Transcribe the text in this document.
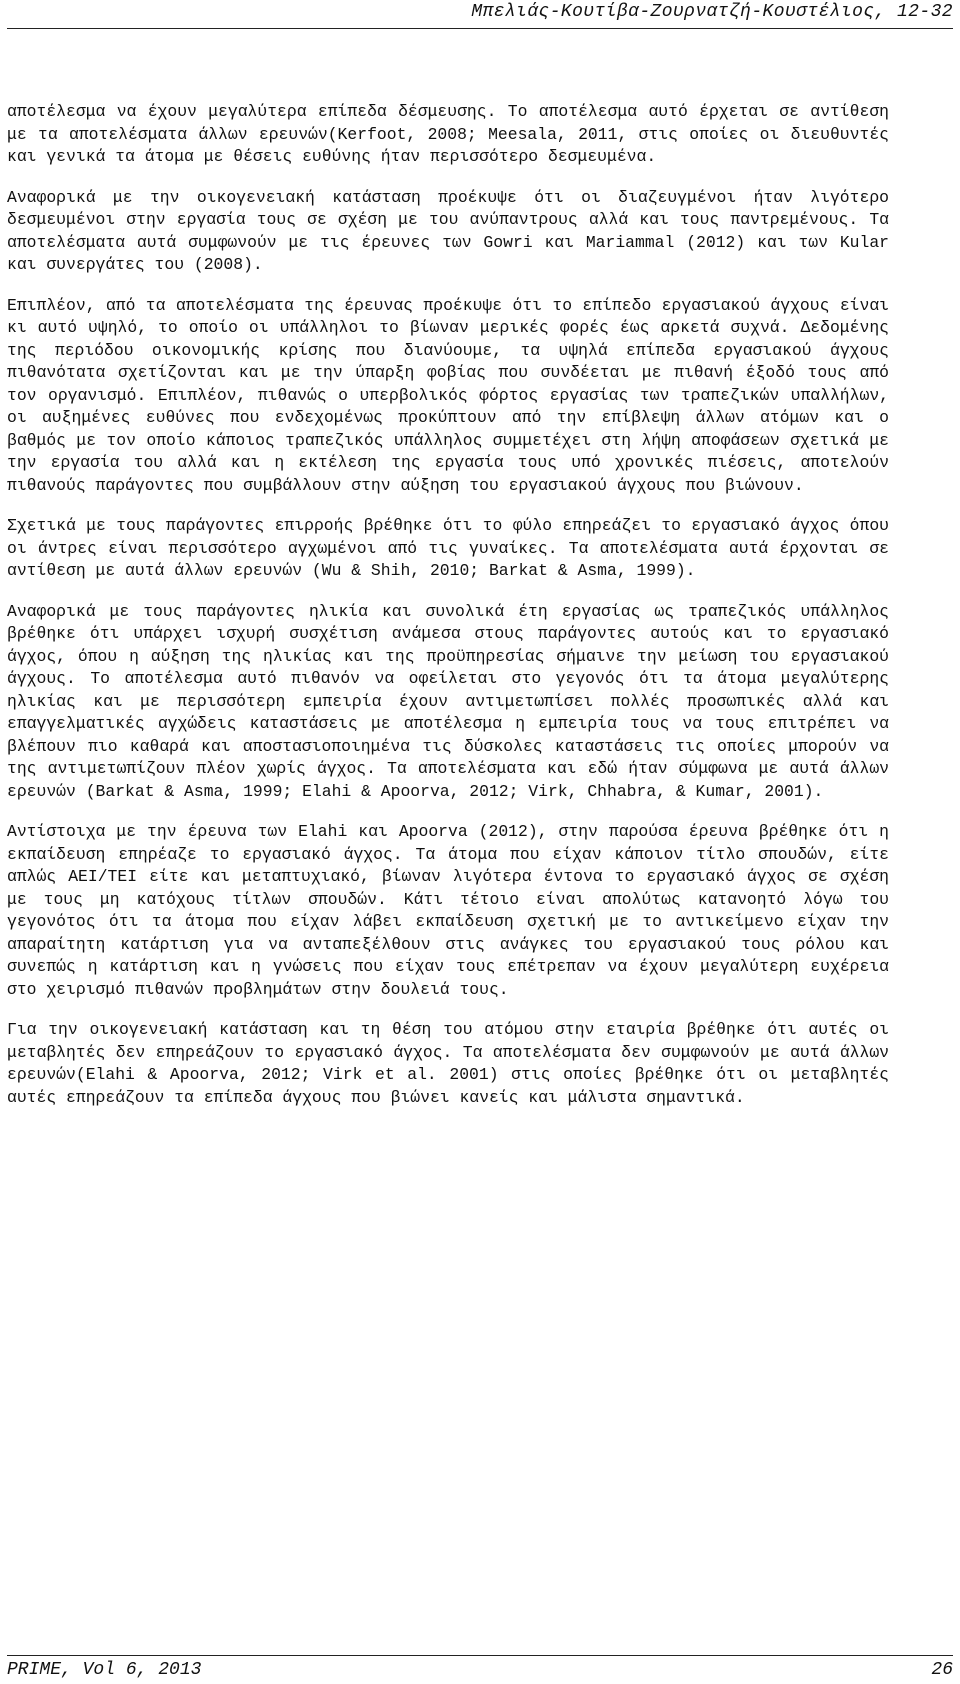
Μπελιάς-Κουτίβα-Ζουρνατζή-Κουστέλιος, 12-32

αποτέλεσμα να έχουν μεγαλύτερα επίπεδα δέσμευσης. Το αποτέλεσμα αυτό έρχεται σε αντίθεση με τα αποτελέσματα άλλων ερευνών(Kerfoot, 2008; Meesala, 2011, στις οποίες οι διευθυντές και γενικά τα άτομα με θέσεις ευθύνης ήταν περισσότερο δεσμευμένα.

Αναφορικά με την οικογενειακή κατάσταση προέκυψε ότι οι διαζευγμένοι ήταν λιγότερο δεσμευμένοι στην εργασία τους σε σχέση με του ανύπαντρους αλλά και τους παντρεμένους. Τα αποτελέσματα αυτά συμφωνούν με τις έρευνες των Gowri και Mariammal (2012) και των Kular και συνεργάτες του (2008).

Επιπλέον, από τα αποτελέσματα της έρευνας προέκυψε ότι το επίπεδο εργασιακού άγχους είναι κι αυτό υψηλό, το οποίο οι υπάλληλοι το βίωναν μερικές φορές έως αρκετά συχνά. Δεδομένης της περιόδου οικονομικής κρίσης που διανύουμε, τα υψηλά επίπεδα εργασιακού άγχους πιθανότατα σχετίζονται και με την ύπαρξη φοβίας που συνδέεται με πιθανή έξοδό τους από τον οργανισμό. Επιπλέον, πιθανώς ο υπερβολικός φόρτος εργασίας των τραπεζικών υπαλλήλων, οι αυξημένες ευθύνες που ενδεχομένως προκύπτουν από την επίβλεψη άλλων ατόμων και ο βαθμός με τον οποίο κάποιος τραπεζικός υπάλληλος συμμετέχει στη λήψη αποφάσεων σχετικά με την εργασία του αλλά και η εκτέλεση της εργασία τους υπό χρονικές πιέσεις, αποτελούν πιθανούς παράγοντες που συμβάλλουν στην αύξηση του εργασιακού άγχους που βιώνουν.

Σχετικά με τους παράγοντες επιρροής βρέθηκε ότι το φύλο επηρεάζει το εργασιακό άγχος όπου οι άντρες είναι περισσότερο αγχωμένοι από τις γυναίκες. Τα αποτελέσματα αυτά έρχονται σε αντίθεση με αυτά άλλων ερευνών (Wu & Shih, 2010; Barkat & Asma, 1999).

Αναφορικά με τους παράγοντες ηλικία και συνολικά έτη εργασίας ως τραπεζικός υπάλληλος βρέθηκε ότι υπάρχει ισχυρή συσχέτιση ανάμεσα στους παράγοντες αυτούς και το εργασιακό άγχος, όπου η αύξηση της ηλικίας και της προϋπηρεσίας σήμαινε την μείωση του εργασιακού άγχους. Το αποτέλεσμα αυτό πιθανόν να οφείλεται στο γεγονός ότι τα άτομα μεγαλύτερης ηλικίας και με περισσότερη εμπειρία έχουν αντιμετωπίσει πολλές προσωπικές αλλά και επαγγελματικές αγχώδεις καταστάσεις με αποτέλεσμα η εμπειρία τους να τους επιτρέπει να βλέπουν πιο καθαρά και αποστασιοποιημένα τις δύσκολες καταστάσεις τις οποίες μπορούν να της αντιμετωπίζουν πλέον χωρίς άγχος. Τα αποτελέσματα και εδώ ήταν σύμφωνα με αυτά άλλων ερευνών (Barkat & Asma, 1999; Elahi & Apoorva, 2012; Virk, Chhabra, & Kumar, 2001).

Αντίστοιχα με την έρευνα των Elahi και Apoorva (2012), στην παρούσα έρευνα βρέθηκε ότι η εκπαίδευση επηρέαζε το εργασιακό άγχος. Τα άτομα που είχαν κάποιον τίτλο σπουδών, είτε απλώς ΑΕΙ/ΤΕΙ είτε και μεταπτυχιακό, βίωναν λιγότερα έντονα το εργασιακό άγχος σε σχέση με τους μη κατόχους τίτλων σπουδών. Κάτι τέτοιο είναι απολύτως κατανοητό λόγω του γεγονότος ότι τα άτομα που είχαν λάβει εκπαίδευση σχετική με το αντικείμενο είχαν την απαραίτητη κατάρτιση για να ανταπεξέλθουν στις ανάγκες του εργασιακού τους ρόλου και συνεπώς η κατάρτιση και η γνώσεις που είχαν τους επέτρεπαν να έχουν μεγαλύτερη ευχέρεια στο χειρισμό πιθανών προβλημάτων στην δουλειά τους.

Για την οικογενειακή κατάσταση και τη θέση του ατόμου στην εταιρία βρέθηκε ότι αυτές οι μεταβλητές δεν επηρεάζουν το εργασιακό άγχος. Τα αποτελέσματα δεν συμφωνούν με αυτά άλλων ερευνών(Elahi & Apoorva, 2012; Virk et al. 2001) στις οποίες βρέθηκε ότι οι μεταβλητές αυτές επηρεάζουν τα επίπεδα άγχους που βιώνει κανείς και μάλιστα σημαντικά.

PRIME, Vol 6, 2013	26
